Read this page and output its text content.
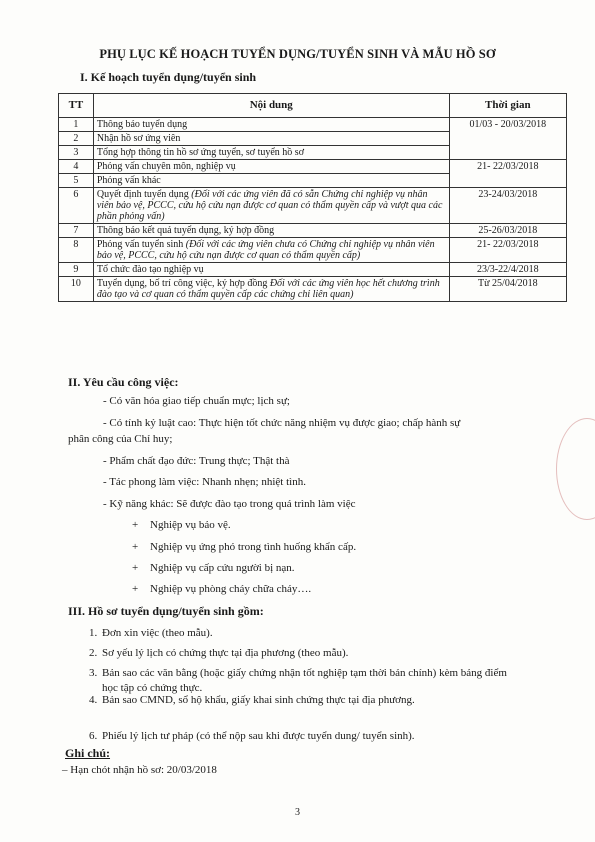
PHỤ LỤC KẾ HOẠCH TUYỂN DỤNG/TUYỂN SINH VÀ MẪU HỒ SƠ
I. Kế hoạch tuyển dụng/tuyển sinh
TT	Nội dung	Thời gian
1	Thông báo tuyển dụng	01/03 - 20/03/2018
2	Nhận hồ sơ ứng viên	
3	Tổng hợp thông tin hồ sơ ứng tuyển, sơ tuyển hồ sơ	
4	Phỏng vấn chuyên môn, nghiệp vụ	21- 22/03/2018
5	Phỏng vấn khác	
6	Quyết định tuyển dụng (Đối với các ứng viên đã có sẵn Chứng chỉ nghiệp vụ nhân viên bảo vệ, PCCC, cứu hộ cứu nạn được cơ quan có thẩm quyền cấp và vượt qua các phần phỏng vấn)	23-24/03/2018
7	Thông báo kết quả tuyển dụng, ký hợp đồng	25-26/03/2018
8	Phỏng vấn tuyển sinh (Đối với các ứng viên chưa có Chứng chỉ nghiệp vụ nhân viên bảo vệ, PCCC, cứu hộ cứu nạn được cơ quan có thẩm quyền cấp)	21- 22/03/2018
9	Tổ chức đào tạo nghiệp vụ	23/3-22/4/2018
10	Tuyển dụng, bố trí công việc, ký hợp đồng Đối với các ứng viên học hết chương trình đào tạo và cơ quan có thẩm quyền cấp các chứng chỉ liên quan)	Từ 25/04/2018
II. Yêu cầu công việc:
- Có văn hóa giao tiếp chuẩn mực; lịch sự;
- Có tính kỷ luật cao: Thực hiện tốt chức năng nhiệm vụ được giao; chấp hành sự
phân công của Chỉ huy;
- Phẩm chất đạo đức: Trung thực; Thật thà
- Tác phong làm việc: Nhanh nhẹn; nhiệt tình.
- Kỹ năng khác: Sẽ được đào tạo trong quá trình làm việc
+ Nghiệp vụ bảo vệ.
+ Nghiệp vụ ứng phó trong tình huống khẩn cấp.
+ Nghiệp vụ cấp cứu người bị nạn.
+ Nghiệp vụ phòng cháy chữa cháy….
III. Hồ sơ tuyển dụng/tuyển sinh gồm:
1. Đơn xin việc (theo mẫu).
2. Sơ yếu lý lịch có chứng thực tại địa phương (theo mẫu).
3. Bản sao các văn bằng (hoặc giấy chứng nhận tốt nghiệp tạm thời bản chính) kèm bảng điểm học tập có chứng thực.
4. Bản sao CMND, sổ hộ khẩu, giấy khai sinh chứng thực tại địa phương.
Ghi chú:
– Hạn chót nhận hồ sơ: 20/03/2018
3
6. Phiếu lý lịch tư pháp (có thể nộp sau khi được tuyển dung/ tuyển sinh).
